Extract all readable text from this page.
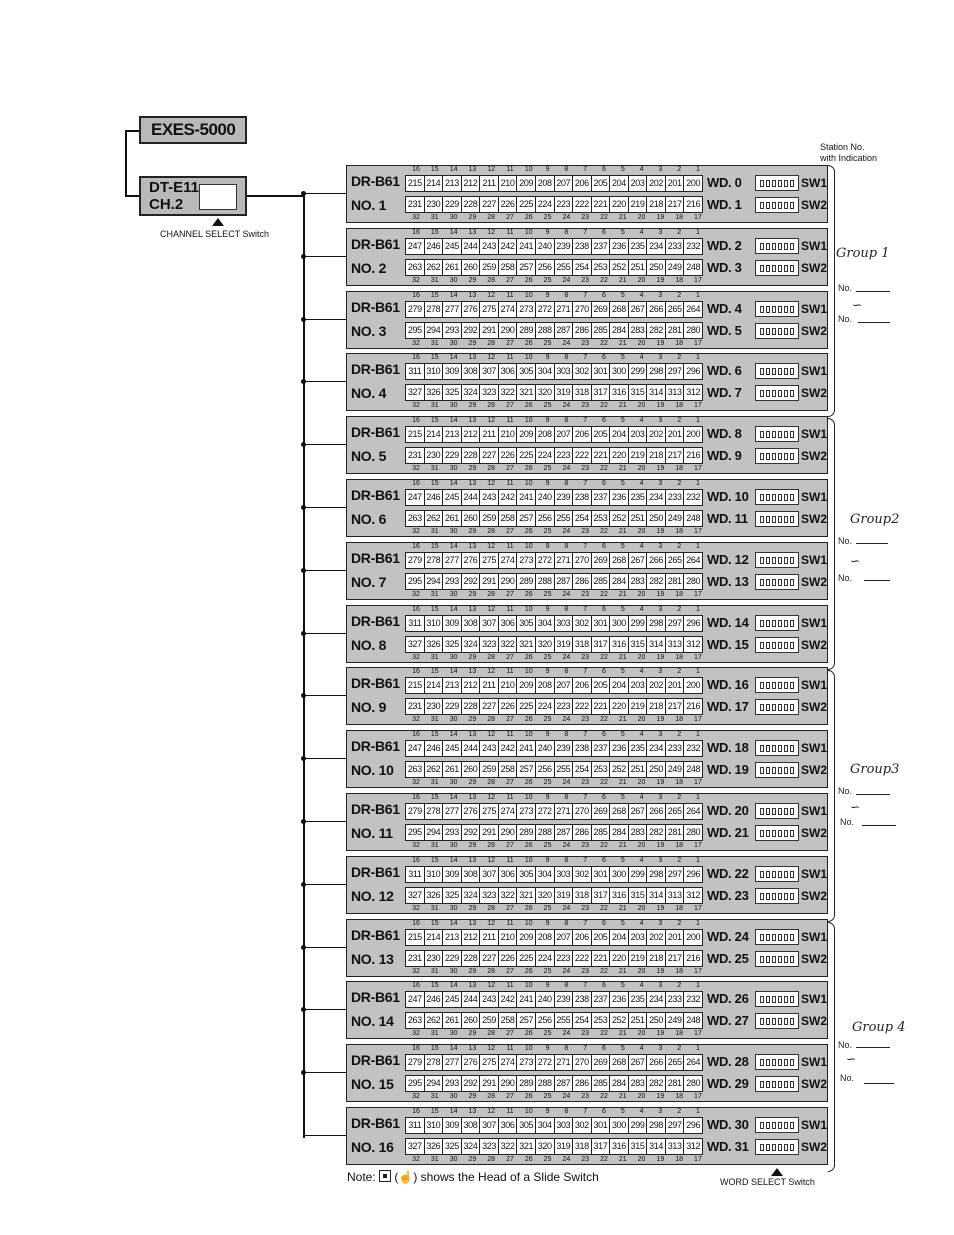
EXES-5000
DT-E11
CH.2
CHANNEL SELECT Switch
Station No.
with Indication
DR-B61
NO. 1
16	15	14	13	12	11	10	9	8	7	6	5	4	3	2	1
215 214 213 212 211 210 209 208 207 206 205 204 203 202 201 200
231 230 229 228 227 226 225 224 223 222 221 220 219 218 217 216
32	31	30	29	28	27	26	25	24	23	22	21	20	19	18	17
WD. 0
WD. 1
SW1
SW2
DR-B61
NO. 2
16	15	14	13	12	11	10	9	8	7	6	5	4	3	2	1
247 246 245 244 243 242 241 240 239 238 237 236 235 234 233 232
263 262 261 260 259 258 257 256 255 254 253 252 251 250 249 248
32	31	30	29	28	27	26	25	24	23	22	21	20	19	18	17
WD. 2
WD. 3
SW1
SW2
DR-B61
NO. 3
16	15	14	13	12	11	10	9	8	7	6	5	4	3	2	1
279 278 277 276 275 274 273 272 271 270 269 268 267 266 265 264
295 294 293 292 291 290 289 288 287 286 285 284 283 282 281 280
32	31	30	29	28	27	26	25	24	23	22	21	20	19	18	17
WD. 4
WD. 5
SW1
SW2
DR-B61
NO. 4
16	15	14	13	12	11	10	9	8	7	6	5	4	3	2	1
311 310 309 308 307 306 305 304 303 302 301 300 299 298 297 296
327 326 325 324 323 322 321 320 319 318 317 316 315 314 313 312
32	31	30	29	28	27	26	25	24	23	22	21	20	19	18	17
WD. 6
WD. 7
SW1
SW2
DR-B61
NO. 5
16	15	14	13	12	11	10	9	8	7	6	5	4	3	2	1
215 214 213 212 211 210 209 208 207 206 205 204 203 202 201 200
231 230 229 228 227 226 225 224 223 222 221 220 219 218 217 216
32	31	30	29	28	27	26	25	24	23	22	21	20	19	18	17
WD. 8
WD. 9
SW1
SW2
DR-B61
NO. 6
16	15	14	13	12	11	10	9	8	7	6	5	4	3	2	1
247 246 245 244 243 242 241 240 239 238 237 236 235 234 233 232
263 262 261 260 259 258 257 256 255 254 253 252 251 250 249 248
32	31	30	29	28	27	26	25	24	23	22	21	20	19	18	17
WD. 10
WD. 11
SW1
SW2
DR-B61
NO. 7
16	15	14	13	12	11	10	9	8	7	6	5	4	3	2	1
279 278 277 276 275 274 273 272 271 270 269 268 267 266 265 264
295 294 293 292 291 290 289 288 287 286 285 284 283 282 281 280
32	31	30	29	28	27	26	25	24	23	22	21	20	19	18	17
WD. 12
WD. 13
SW1
SW2
DR-B61
NO. 8
16	15	14	13	12	11	10	9	8	7	6	5	4	3	2	1
311 310 309 308 307 306 305 304 303 302 301 300 299 298 297 296
327 326 325 324 323 322 321 320 319 318 317 316 315 314 313 312
32	31	30	29	28	27	26	25	24	23	22	21	20	19	18	17
WD. 14
WD. 15
SW1
SW2
DR-B61
NO. 9
16	15	14	13	12	11	10	9	8	7	6	5	4	3	2	1
215 214 213 212 211 210 209 208 207 206 205 204 203 202 201 200
231 230 229 228 227 226 225 224 223 222 221 220 219 218 217 216
32	31	30	29	28	27	26	25	24	23	22	21	20	19	18	17
WD. 16
WD. 17
SW1
SW2
DR-B61
NO. 10
16	15	14	13	12	11	10	9	8	7	6	5	4	3	2	1
247 246 245 244 243 242 241 240 239 238 237 236 235 234 233 232
263 262 261 260 259 258 257 256 255 254 253 252 251 250 249 248
32	31	30	29	28	27	26	25	24	23	22	21	20	19	18	17
WD. 18
WD. 19
SW1
SW2
DR-B61
NO. 11
16	15	14	13	12	11	10	9	8	7	6	5	4	3	2	1
279 278 277 276 275 274 273 272 271 270 269 268 267 266 265 264
295 294 293 292 291 290 289 288 287 286 285 284 283 282 281 280
32	31	30	29	28	27	26	25	24	23	22	21	20	19	18	17
WD. 20
WD. 21
SW1
SW2
DR-B61
NO. 12
16	15	14	13	12	11	10	9	8	7	6	5	4	3	2	1
311 310 309 308 307 306 305 304 303 302 301 300 299 298 297 296
327 326 325 324 323 322 321 320 319 318 317 316 315 314 313 312
32	31	30	29	28	27	26	25	24	23	22	21	20	19	18	17
WD. 22
WD. 23
SW1
SW2
DR-B61
NO. 13
16	15	14	13	12	11	10	9	8	7	6	5	4	3	2	1
215 214 213 212 211 210 209 208 207 206 205 204 203 202 201 200
231 230 229 228 227 226 225 224 223 222 221 220 219 218 217 216
32	31	30	29	28	27	26	25	24	23	22	21	20	19	18	17
WD. 24
WD. 25
SW1
SW2
DR-B61
NO. 14
16	15	14	13	12	11	10	9	8	7	6	5	4	3	2	1
247 246 245 244 243 242 241 240 239 238 237 236 235 234 233 232
263 262 261 260 259 258 257 256 255 254 253 252 251 250 249 248
32	31	30	29	28	27	26	25	24	23	22	21	20	19	18	17
WD. 26
WD. 27
SW1
SW2
DR-B61
NO. 15
16	15	14	13	12	11	10	9	8	7	6	5	4	3	2	1
279 278 277 276 275 274 273 272 271 270 269 268 267 266 265 264
295 294 293 292 291 290 289 288 287 286 285 284 283 282 281 280
32	31	30	29	28	27	26	25	24	23	22	21	20	19	18	17
WD. 28
WD. 29
SW1
SW2
DR-B61
NO. 16
16	15	14	13	12	11	10	9	8	7	6	5	4	3	2	1
311 310 309 308 307 306 305 304 303 302 301 300 299 298 297 296
327 326 325 324 323 322 321 320 319 318 317 316 315 314 313 312
32	31	30	29	28	27	26	25	24	23	22	21	20	19	18	17
WD. 30
WD. 31
SW1
SW2
Group 1
No.
∽
No.
Group2
No.
∽
No.
Group3
No.
∽
No.
Group 4
No.
∽
No.
Note:  (☝) shows the Head of a Slide Switch	WORD SELECT Switch
